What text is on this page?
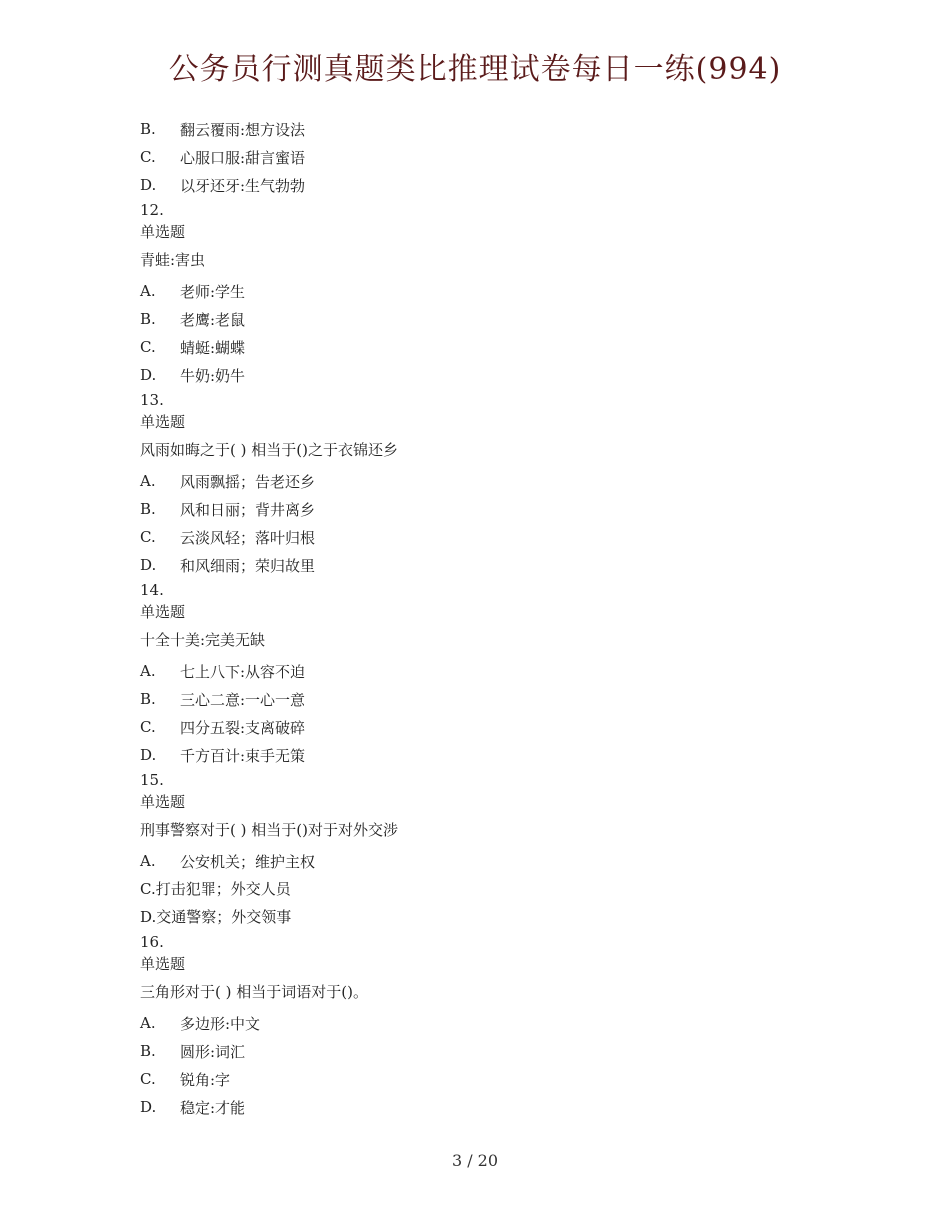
公务员行测真题类比推理试卷每日一练(994)
B.	翻云覆雨:想方设法
C.	心服口服:甜言蜜语
D.	以牙还牙:生气勃勃
12.
单选题
青蛙:害虫
A.	老师:学生
B.	老鹰:老鼠
C.	蜻蜓:蝴蝶
D.	牛奶:奶牛
13.
单选题
风雨如晦之于( ) 相当于()之于衣锦还乡
A.	风雨飘摇；告老还乡
B.	风和日丽；背井离乡
C.	云淡风轻；落叶归根
D.	和风细雨；荣归故里
14.
单选题
十全十美:完美无缺
A.	七上八下:从容不迫
B.	三心二意:一心一意
C.	四分五裂:支离破碎
D.	千方百计:束手无策
15.
单选题
刑事警察对于( ) 相当于()对于对外交涉
A.	公安机关；维护主权
C.打击犯罪；外交人员
D.交通警察；外交领事
16.
单选题
三角形对于( ) 相当于词语对于()。
A.	多边形:中文
B.	圆形:词汇
C.	锐角:字
D.	稳定:才能
3 / 20
